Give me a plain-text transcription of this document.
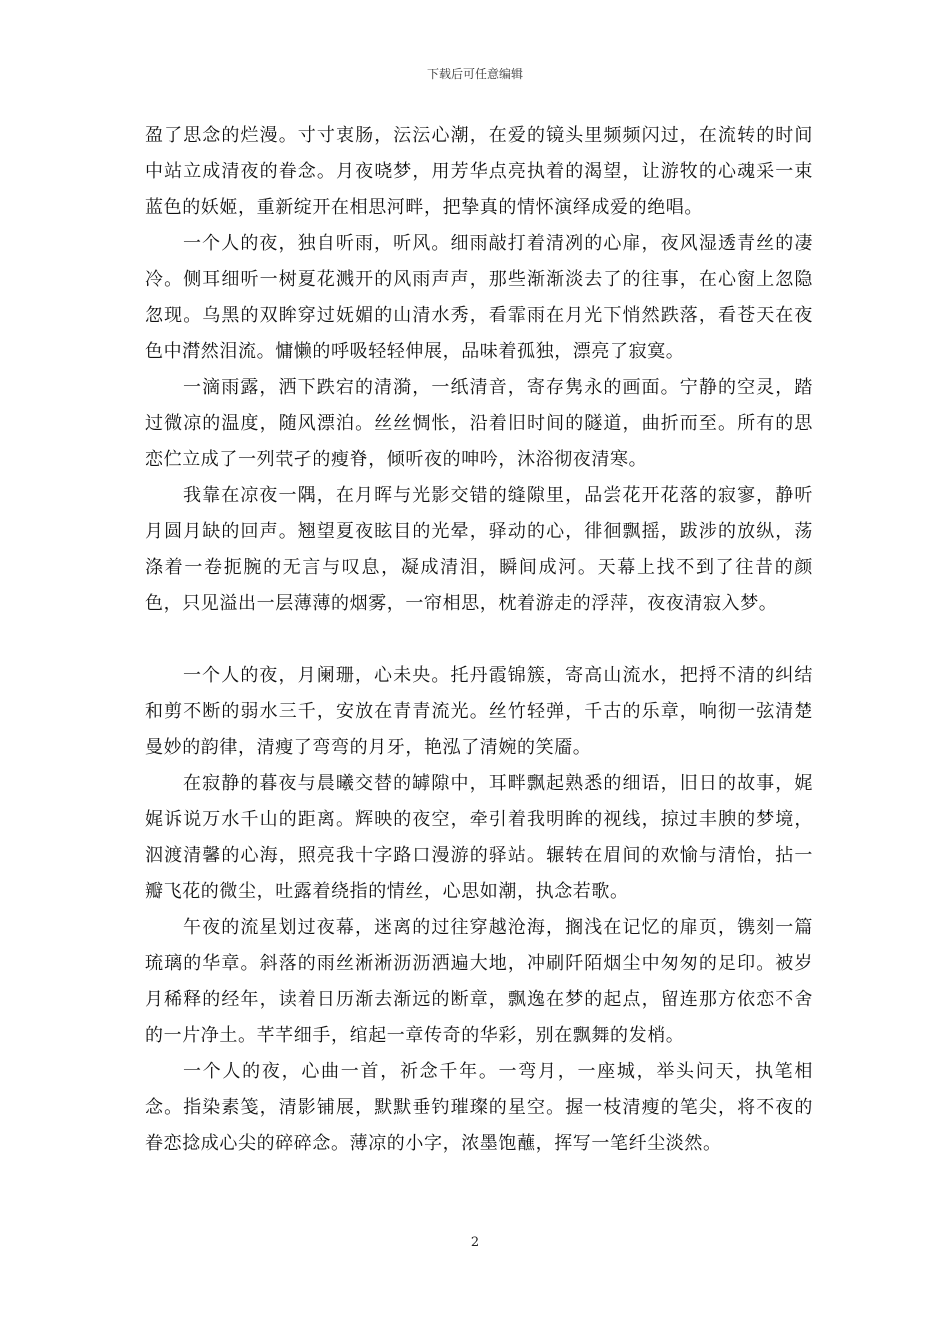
下载后可任意编辑

盈了思念的烂漫。寸寸衷肠，沄沄心潮，在爱的镜头里频频闪过，在流转的时间中站立成清夜的眷念。月夜哓梦，用芳华点亮执着的渴望，让游牧的心魂采一束蓝色的妖姬，重新绽开在相思河畔，把挚真的情怀演绎成爱的绝唱。

一个人的夜，独自听雨，听风。细雨敲打着清冽的心扉，夜风湿透青丝的凄冷。侧耳细听一树夏花溅开的风雨声声，那些渐渐淡去了的往事，在心窗上忽隐忽现。乌黑的双眸穿过妩媚的山清水秀，看霏雨在月光下悄然跌落，看苍天在夜色中潸然泪流。慵懒的呼吸轻轻伸展，品味着孤独，漂亮了寂寞。

一滴雨露，洒下跌宕的清漪，一纸清音，寄存隽永的画面。宁静的空灵，踏过微凉的温度，随风漂泊。丝丝惆怅，沿着旧时间的隧道，曲折而至。所有的思恋伫立成了一列茕孑的瘦脊，倾听夜的呻吟，沐浴彻夜清寒。

我靠在凉夜一隅，在月晖与光影交错的缝隙里，品尝花开花落的寂寥，静听月圆月缺的回声。翘望夏夜眩目的光晕，驿动的心，徘徊飘摇，跋涉的放纵，荡涤着一卷扼腕的无言与叹息，凝成清泪，瞬间成河。天幕上找不到了往昔的颜色，只见溢出一层薄薄的烟雾，一帘相思，枕着游走的浮萍，夜夜清寂入梦。

一个人的夜，月阑珊，心未央。托丹霞锦簇，寄高山流水，把捋不清的纠结和剪不断的弱水三千，安放在青青流光。丝竹轻弹，千古的乐章，响彻一弦清楚曼妙的韵律，清瘦了弯弯的月牙，艳泓了清婉的笑靥。

在寂静的暮夜与晨曦交替的罅隙中，耳畔飘起熟悉的细语，旧日的故事，娓娓诉说万水千山的距离。辉映的夜空，牵引着我明眸的视线，掠过丰腴的梦境，泅渡清馨的心海，照亮我十字路口漫游的驿站。辗转在眉间的欢愉与清怡，拈一瓣飞花的微尘，吐露着绕指的情丝，心思如潮，执念若歌。

午夜的流星划过夜幕，迷离的过往穿越沧海，搁浅在记忆的扉页，镌刻一篇琉璃的华章。斜落的雨丝淅淅沥沥洒遍大地，冲刷阡陌烟尘中匆匆的足印。被岁月稀释的经年，读着日历渐去渐远的断章，飘逸在梦的起点，留连那方依恋不舍的一片净土。芊芊细手，绾起一章传奇的华彩，别在飘舞的发梢。

一个人的夜，心曲一首，祈念千年。一弯月，一座城，举头问天，执笔相念。指染素笺，清影铺展，默默垂钓璀璨的星空。握一枝清瘦的笔尖，将不夜的眷恋捻成心尖的碎碎念。薄凉的小字，浓墨饱蘸，挥写一笔纤尘淡然。

2
